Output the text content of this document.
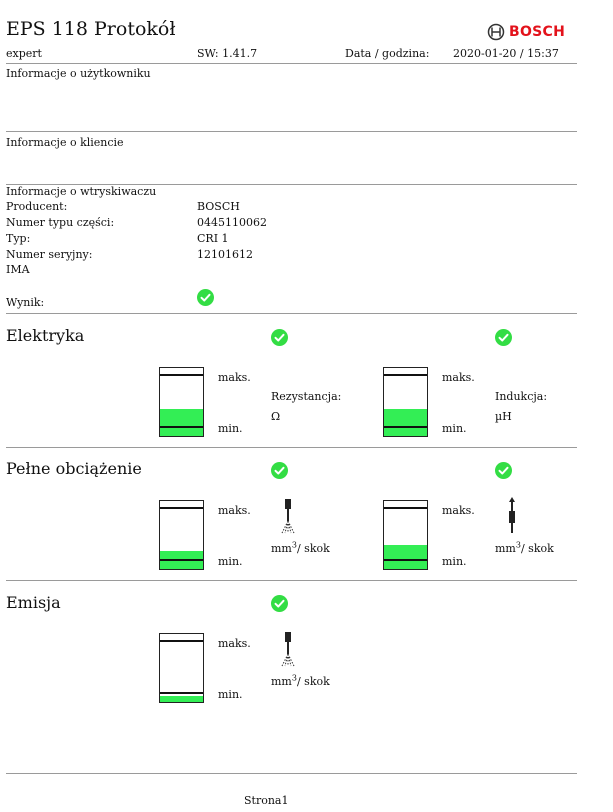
EPS 118 Protokół	BOSCH
expert	SW: 1.41.7	Data / godzina: 2020-01-20 / 15:37
Informacje o użytkowniku
Informacje o kliencie
Informacje o wtryskiwaczu
Producent:	BOSCH
Numer typu części:	0445110062
Typ:	CRI 1
Numer seryjny:	12101612
IMA
Wynik:
Elektryka
maks.
min.
Rezystancja:
Ω
maks.
min.
Indukcja:
µH
Pełne obciążenie
maks.
min.
$mm^3/$ skok
maks.
min.
$mm^3/$ skok
Emisja
maks.
min.
$mm^3/$ skok
Strona1
